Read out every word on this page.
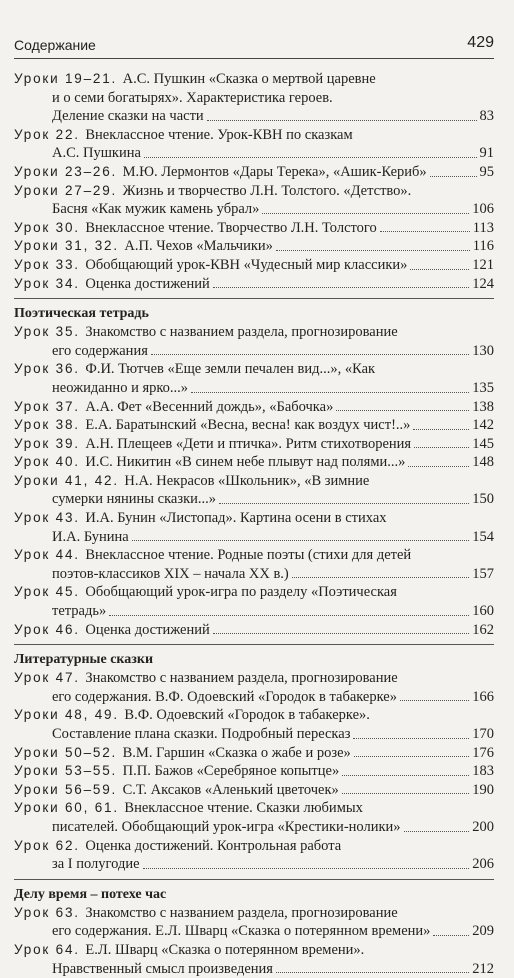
Содержание	429
Уроки 19–21. А.С. Пушкин «Сказка о мертвой царевне
и о семи богатырях». Характеристика героев.
Деление сказки на части	83
Урок 22. Внеклассное чтение. Урок-КВН по сказкам
А.С. Пушкина	91
Уроки 23–26. М.Ю. Лермонтов «Дары Терека», «Ашик-Кериб»	95
Уроки 27–29. Жизнь и творчество Л.Н. Толстого. «Детство».
Басня «Как мужик камень убрал»	106
Урок 30. Внеклассное чтение. Творчество Л.Н. Толстого	113
Уроки 31, 32. А.П. Чехов «Мальчики»	116
Урок 33. Обобщающий урок-КВН «Чудесный мир классики»	121
Урок 34. Оценка достижений	124
Поэтическая тетрадь
Урок 35. Знакомство с названием раздела, прогнозирование
его содержания	130
Урок 36. Ф.И. Тютчев «Еще земли печален вид...», «Как
неожиданно и ярко...»	135
Урок 37. А.А. Фет «Весенний дождь», «Бабочка»	138
Урок 38. Е.А. Баратынский «Весна, весна! как воздух чист!..»	142
Урок 39. А.Н. Плещеев «Дети и птичка». Ритм стихотворения	145
Урок 40. И.С. Никитин «В синем небе плывут над полями...»	148
Уроки 41, 42. Н.А. Некрасов «Школьник», «В зимние
сумерки нянины сказки...»	150
Урок 43. И.А. Бунин «Листопад». Картина осени в стихах
И.А. Бунина	154
Урок 44. Внеклассное чтение. Родные поэты (стихи для детей
поэтов-классиков XIX – начала XX в.)	157
Урок 45. Обобщающий урок-игра по разделу «Поэтическая
тетрадь»	160
Урок 46. Оценка достижений	162
Литературные сказки
Урок 47. Знакомство с названием раздела, прогнозирование
его содержания. В.Ф. Одоевский «Городок в табакерке»	166
Уроки 48, 49. В.Ф. Одоевский «Городок в табакерке».
Составление плана сказки. Подробный пересказ	170
Уроки 50–52. В.М. Гаршин «Сказка о жабе и розе»	176
Уроки 53–55. П.П. Бажов «Серебряное копытце»	183
Уроки 56–59. С.Т. Аксаков «Аленький цветочек»	190
Уроки 60, 61. Внеклассное чтение. Сказки любимых
писателей. Обобщающий урок-игра «Крестики-нолики»	200
Урок 62. Оценка достижений. Контрольная работа
за I полугодие	206
Делу время – потехе час
Урок 63. Знакомство с названием раздела, прогнозирование
его содержания. Е.Л. Шварц «Сказка о потерянном времени»	209
Урок 64. Е.Л. Шварц «Сказка о потерянном времени».
Нравственный смысл произведения	212
